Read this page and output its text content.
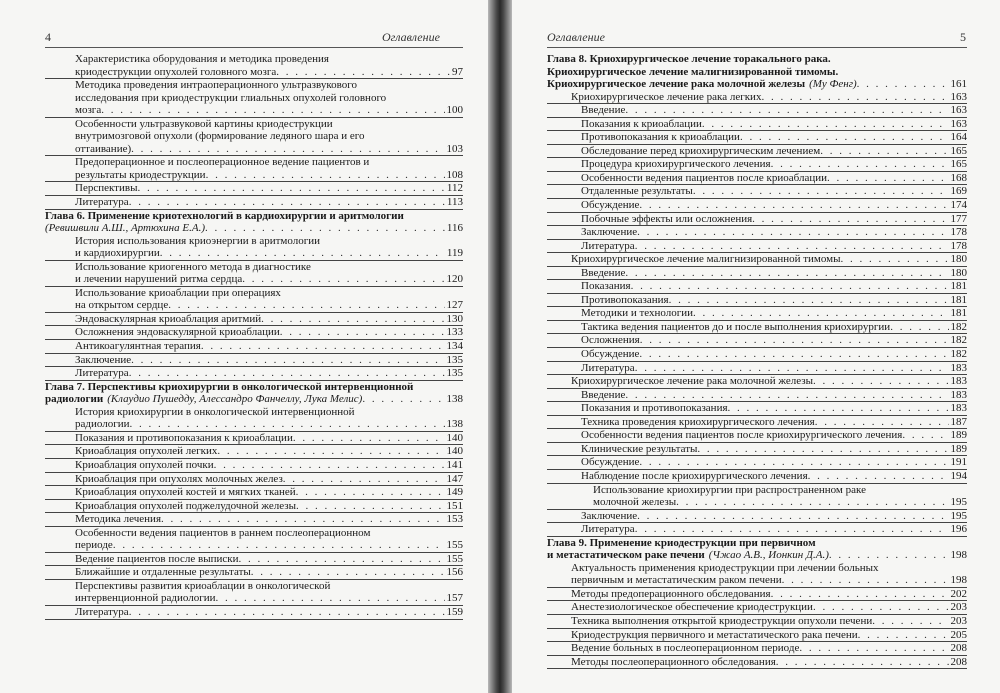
4	Оглавление
Характеристика оборудования и методика проведения
криодеструкции опухолей головного мозга . . .	97
Методика проведения интраоперационного ультразвукового
исследования при криодеструкции глиальных опухолей головного
мозга . . .	100
Особенности ультразвуковой картины криодеструкции
внутримозговой опухоли (формирование ледяного шара и его
оттаивание) . . .	103
Предоперационное и послеоперационное ведение пациентов и
результаты криодеструкции . . .	108
Перспективы . . .	112
Литература . . .	113
Глава 6. Применение криотехнологий в кардиохирургии и аритмологии
(Ревишвили А.Ш., Артюхина Е.А.) . . .	116
История использования криоэнергии в аритмологии
и кардиохирургии . . .	119
Использование криогенного метода в диагностике
и лечении нарушений ритма сердца . . .	120
Использование криоаблации при операциях
на открытом сердце . . .	127
Эндоваскулярная криоаблация аритмий . . .	130
Осложнения эндоваскулярной криоаблации . . .	133
Антикоагулянтная терапия . . .	134
Заключение . . .	135
Литература . . .	135
Глава 7. Перспективы криохирургии в онкологической интервенционной
радиологии (Клаудио Пушедду, Алессандро Фанчеллу, Лука Мелис) . . .	138
История криохирургии в онкологической интервенционной
радиологии . . .	138
Показания и противопоказания к криоаблации . . .	140
Криоаблация опухолей легких . . .	140
Криоаблация опухолей почки . . .	141
Криоаблация при опухолях молочных желез . . .	147
Криоаблация опухолей костей и мягких тканей . . .	149
Криоаблация опухолей поджелудочной железы . . .	151
Методика лечения . . .	153
Особенности ведения пациентов в раннем послеоперационном
периоде . . .	155
Ведение пациентов после выписки . . .	155
Ближайшие и отдаленные результаты . . .	156
Перспективы развития криоаблации в онкологической
интервенционной радиологии . . .	157
Литература . . .	159
Оглавление	5
Глава 8. Криохирургическое лечение торакального рака.
Криохирургическое лечение малигнизированной тимомы.
Криохирургическое лечение рака молочной железы (Му Фенг) . . .	161
Криохирургическое лечение рака легких . . .	163
Введение . . .	163
Показания к криоаблации . . .	163
Противопоказания к криоаблации . . .	164
Обследование перед криохирургическим лечением . . .	165
Процедура криохирургического лечения . . .	165
Особенности ведения пациентов после криоаблации . . .	168
Отдаленные результаты . . .	169
Обсуждение . . .	174
Побочные эффекты или осложнения . . .	177
Заключение . . .	178
Литература . . .	178
Криохирургическое лечение малигнизированной тимомы . . .	180
Введение . . .	180
Показания . . .	181
Противопоказания . . .	181
Методики и технологии . . .	181
Тактика ведения пациентов до и после выполнения криохирургии . . .	182
Осложнения . . .	182
Обсуждение . . .	182
Литература . . .	183
Криохирургическое лечение рака молочной железы . . .	183
Введение . . .	183
Показания и противопоказания . . .	183
Техника проведения криохирургического лечения . . .	187
Особенности ведения пациентов после криохирургического лечения . . .	189
Клинические результаты . . .	189
Обсуждение . . .	191
Наблюдение после криохирургического лечения . . .	194
Использование криохирургии при распространенном раке
молочной железы . . .	195
Заключение . . .	195
Литература . . .	196
Глава 9. Применение криодеструкции при первичном
и метастатическом раке печени (Чжао А.В., Ионкин Д.А.) . . .	198
Актуальность применения криодеструкции при лечении больных
первичным и метастатическим раком печени . . .	198
Методы предоперационного обследования . . .	202
Анестезиологическое обеспечение криодеструкции . . .	203
Техника выполнения открытой криодеструкции опухоли печени . . .	203
Криодеструкция первичного и метастатического рака печени . . .	205
Ведение больных в послеоперационном периоде . . .	208
Методы послеоперационного обследования . . .	208
